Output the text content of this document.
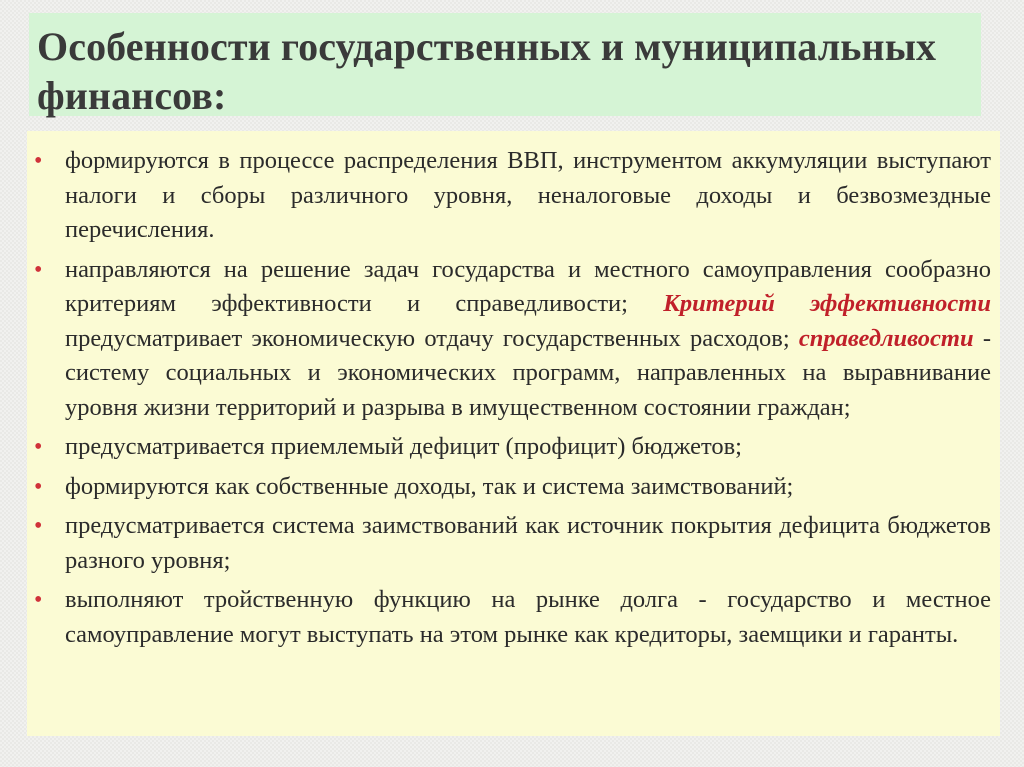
Особенности государственных и муниципальных финансов:
• формируются в процессе распределения ВВП, инструментом аккумуляции выступают налоги и сборы различного уровня, неналоговые доходы и безвозмездные перечисления.
• направляются на решение задач государства и местного самоуправления сообразно критериям эффективности и справедливости; Критерий эффективности предусматривает экономическую отдачу государственных расходов; справедливости - систему социальных и экономических программ, направленных на выравнивание уровня жизни территорий и разрыва в имущественном состоянии граждан;
• предусматривается приемлемый дефицит (профицит) бюджетов;
• формируются как собственные доходы, так и система заимствований;
• предусматривается система заимствований как источник покрытия дефицита бюджетов разного уровня;
• выполняют тройственную функцию на рынке долга - государство и местное самоуправление могут выступать на этом рынке как кредиторы, заемщики и гаранты.
